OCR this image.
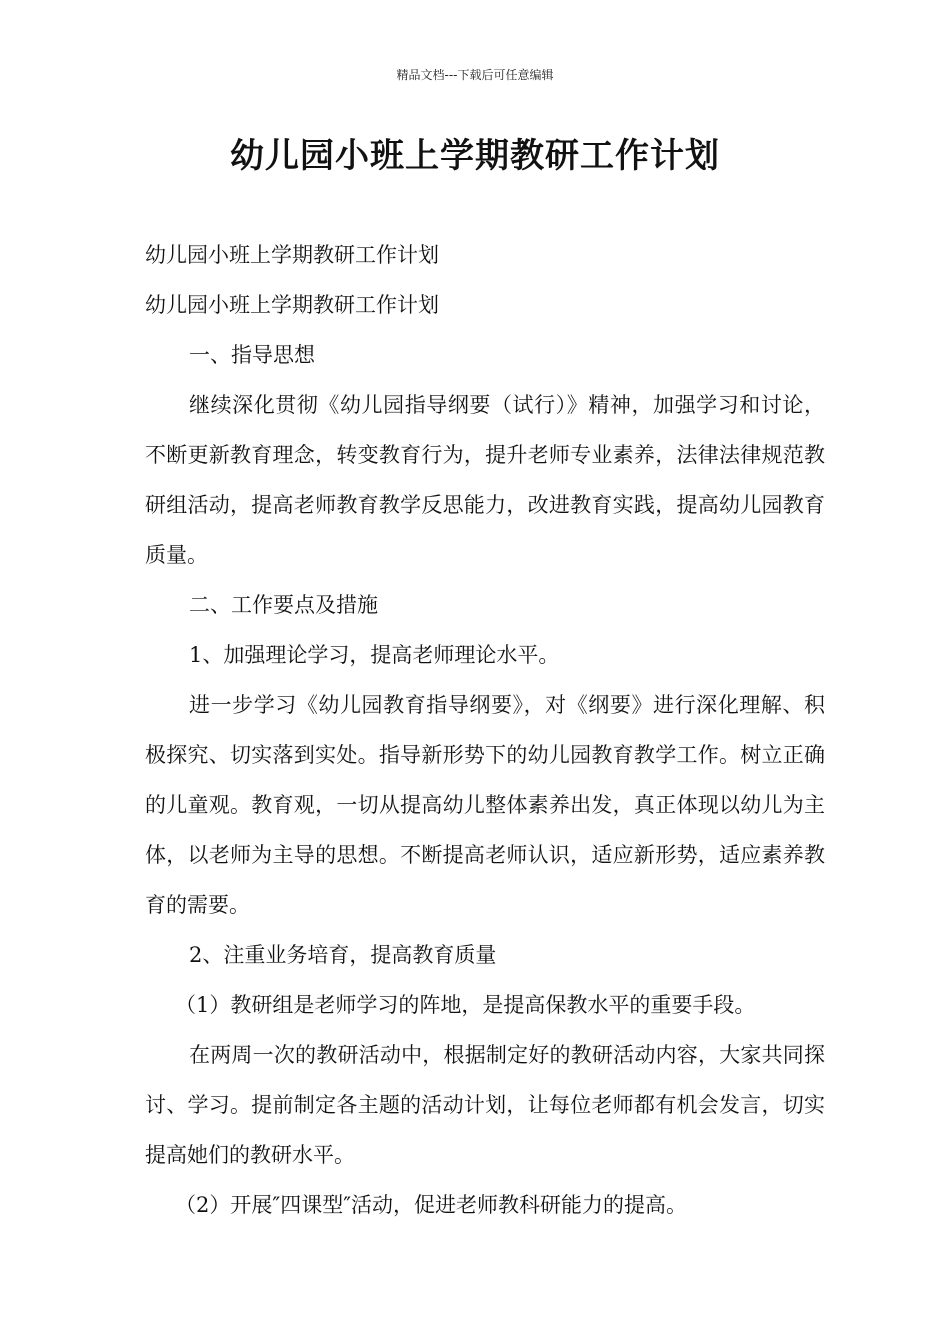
精品文档---下载后可任意编辑
幼儿园小班上学期教研工作计划

幼儿园小班上学期教研工作计划

幼儿园小班上学期教研工作计划

一、指导思想

继续深化贯彻《幼儿园指导纲要（试行）》精神，加强学习和讨论，不断更新教育理念，转变教育行为，提升老师专业素养，法律法律规范教研组活动，提高老师教育教学反思能力，改进教育实践，提高幼儿园教育质量。

二、工作要点及措施

1、加强理论学习，提高老师理论水平。

进一步学习《幼儿园教育指导纲要》，对《纲要》进行深化理解、积极探究、切实落到实处。指导新形势下的幼儿园教育教学工作。树立正确的儿童观。教育观，一切从提高幼儿整体素养出发，真正体现以幼儿为主体，以老师为主导的思想。不断提高老师认识，适应新形势，适应素养教育的需要。

2、注重业务培育，提高教育质量

（1）教研组是老师学习的阵地，是提高保教水平的重要手段。

在两周一次的教研活动中，根据制定好的教研活动内容，大家共同探讨、学习。提前制定各主题的活动计划，让每位老师都有机会发言，切实提高她们的教研水平。

（2）开展″四课型″活动，促进老师教科研能力的提高。
